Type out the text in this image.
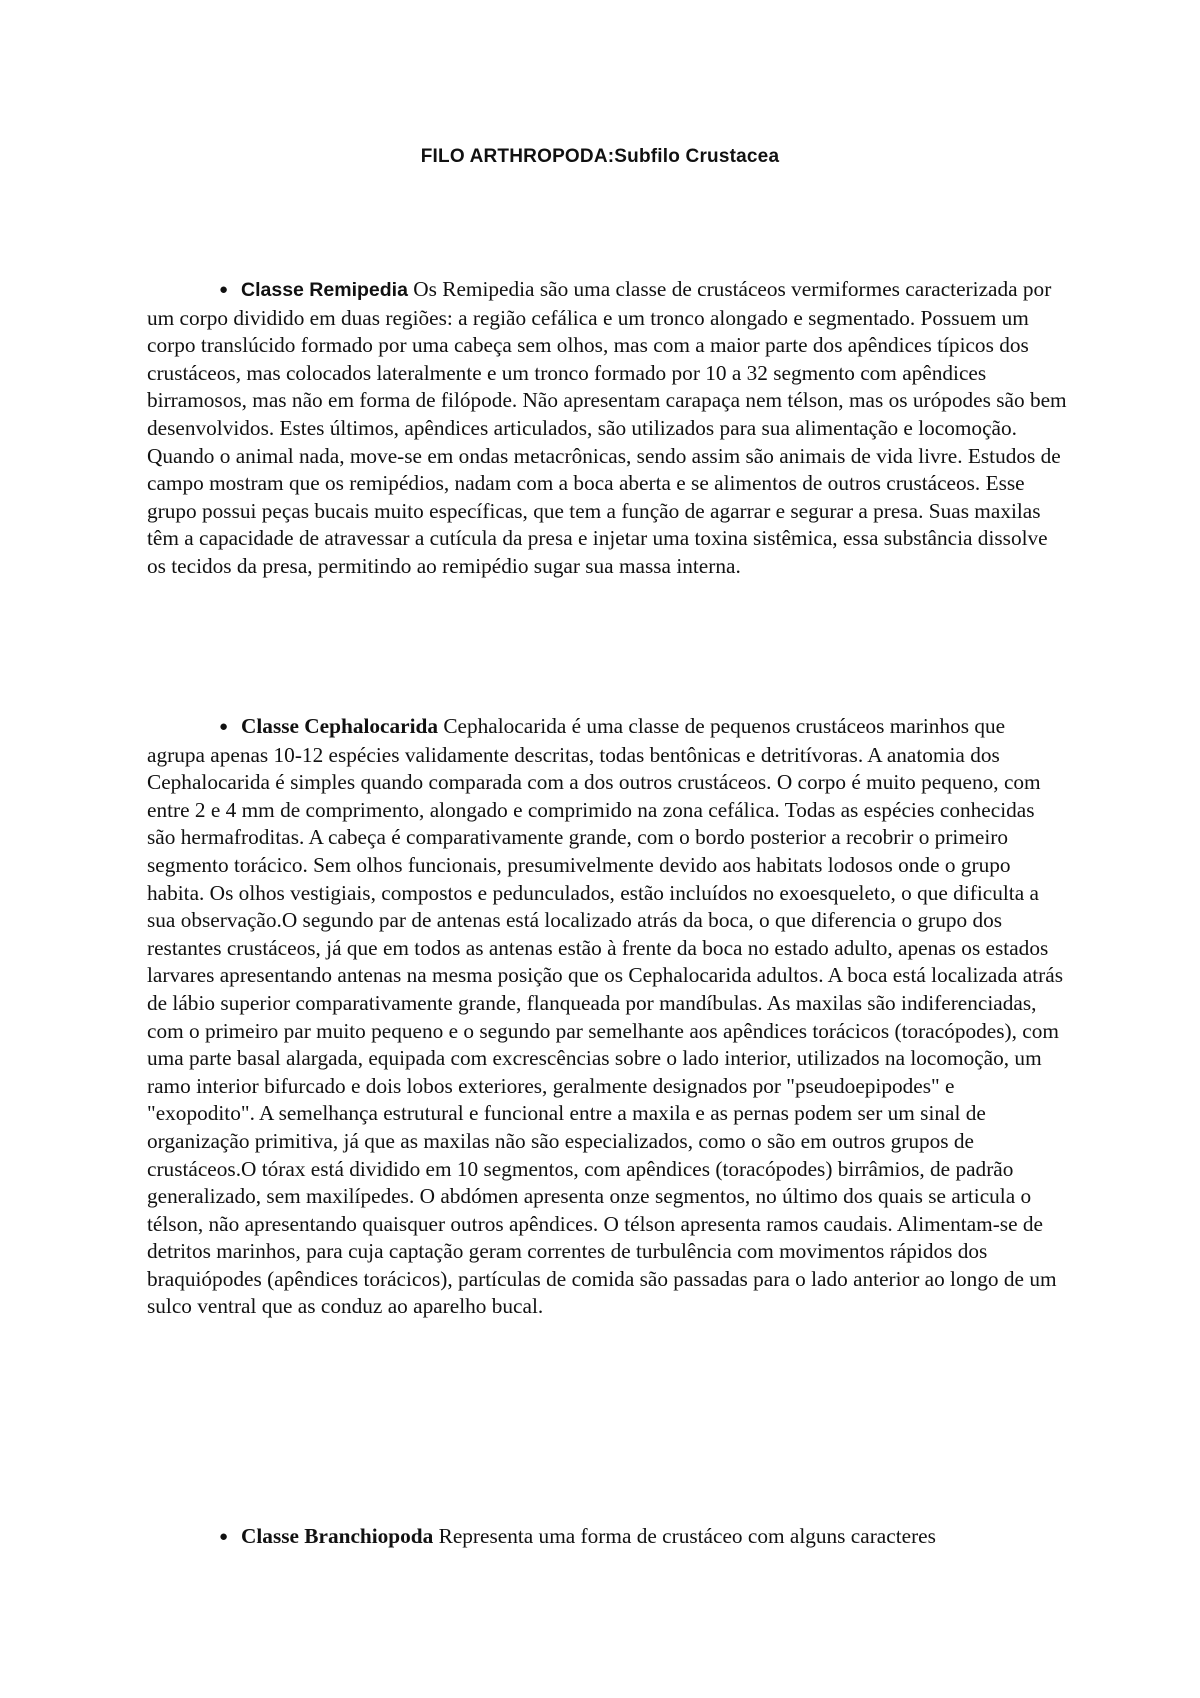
FILO ARTHROPODA:Subfilo Crustacea

● Classe Remipedia Os Remipedia são uma classe de crustáceos vermiformes caracterizada por um corpo dividido em duas regiões: a região cefálica e um tronco alongado e segmentado. Possuem um corpo translúcido formado por uma cabeça sem olhos, mas com a maior parte dos apêndices típicos dos crustáceos, mas colocados lateralmente e um tronco formado por 10 a 32 segmento com apêndices birramosos, mas não em forma de filópode. Não apresentam carapaça nem télson, mas os urópodes são bem desenvolvidos. Estes últimos, apêndices articulados, são utilizados para sua alimentação e locomoção. Quando o animal nada, move-se em ondas metacrônicas, sendo assim são animais de vida livre. Estudos de campo mostram que os remipédios, nadam com a boca aberta e se alimentos de outros crustáceos. Esse grupo possui peças bucais muito específicas, que tem a função de agarrar e segurar a presa. Suas maxilas têm a capacidade de atravessar a cutícula da presa e injetar uma toxina sistêmica, essa substância dissolve os tecidos da presa, permitindo ao remipédio sugar sua massa interna.

● Classe Cephalocarida Cephalocarida é uma classe de pequenos crustáceos marinhos que agrupa apenas 10-12 espécies validamente descritas, todas bentônicas e detritívoras. A anatomia dos Cephalocarida é simples quando comparada com a dos outros crustáceos. O corpo é muito pequeno, com entre 2 e 4 mm de comprimento, alongado e comprimido na zona cefálica. Todas as espécies conhecidas são hermafroditas. A cabeça é comparativamente grande, com o bordo posterior a recobrir o primeiro segmento torácico. Sem olhos funcionais, presumivelmente devido aos habitats lodosos onde o grupo habita. Os olhos vestigiais, compostos e pedunculados, estão incluídos no exoesqueleto, o que dificulta a sua observação.O segundo par de antenas está localizado atrás da boca, o que diferencia o grupo dos restantes crustáceos, já que em todos as antenas estão à frente da boca no estado adulto, apenas os estados larvares apresentando antenas na mesma posição que os Cephalocarida adultos. A boca está localizada atrás de lábio superior comparativamente grande, flanqueada por mandíbulas. As maxilas são indiferenciadas, com o primeiro par muito pequeno e o segundo par semelhante aos apêndices torácicos (toracópodes), com uma parte basal alargada, equipada com excrescências sobre o lado interior, utilizados na locomoção, um ramo interior bifurcado e dois lobos exteriores, geralmente designados por "pseudoepipodes" e "exopodito". A semelhança estrutural e funcional entre a maxila e as pernas podem ser um sinal de organização primitiva, já que as maxilas não são especializados, como o são em outros grupos de crustáceos.O tórax está dividido em 10 segmentos, com apêndices (toracópodes) birrâmios, de padrão generalizado, sem maxilípedes. O abdómen apresenta onze segmentos, no último dos quais se articula o télson, não apresentando quaisquer outros apêndices. O télson apresenta ramos caudais. Alimentam-se de detritos marinhos, para cuja captação geram correntes de turbulência com movimentos rápidos dos braquiópodes (apêndices torácicos), partículas de comida são passadas para o lado anterior ao longo de um sulco ventral que as conduz ao aparelho bucal.

● Classe Branchiopoda Representa uma forma de crustáceo com alguns caracteres
